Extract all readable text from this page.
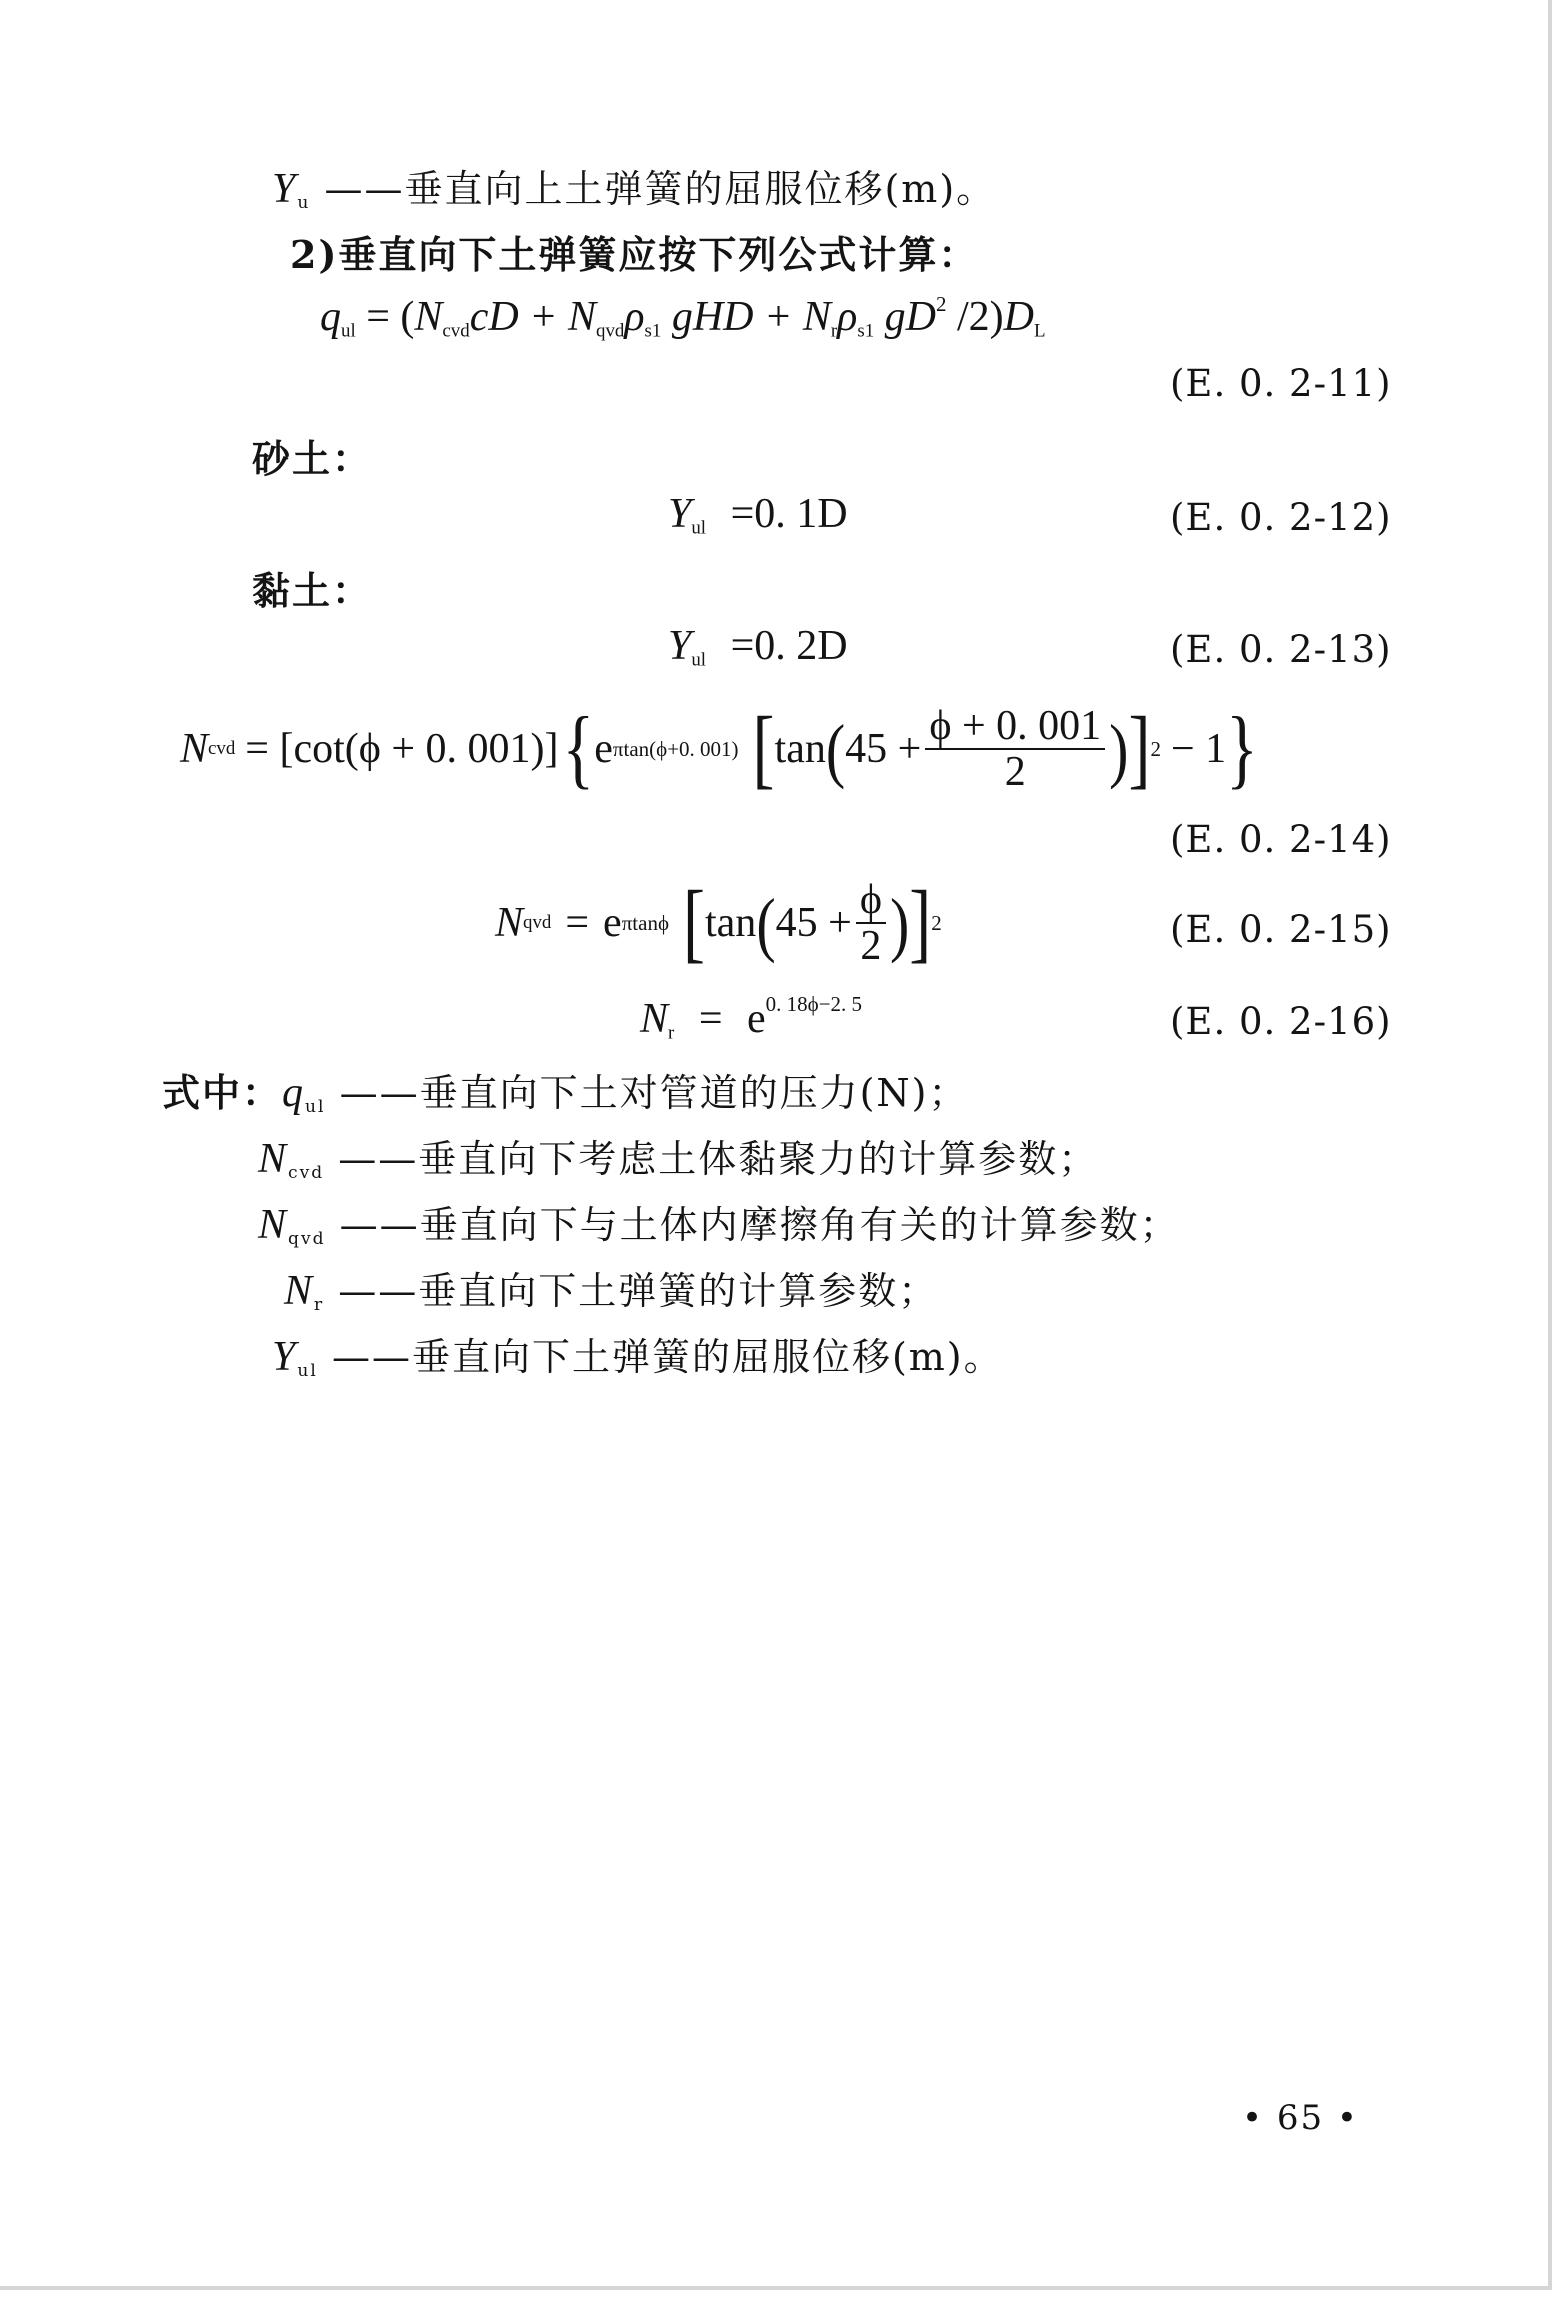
$Y_u$ ——垂直向上土弹簧的屈服位移(m)。
2)垂直向下土弹簧应按下列公式计算：
$q_{ul} = (N_{cvd}cD + N_{qvd}\rho_{s1}$ gHD + $N_r\rho_{s1}$ $gD^2$ $/2)D_L$
(E. 0. 2-11)
砂土：
$Y_{ul} =0$. 1D	(E. 0. 2-12)
黏土：
$Y_{ul} =0$. 2D	(E. 0. 2-13)
N cvd = [cot(ϕ + 0. 001)] { e πtan(ϕ+0. 001) [ tan ( $45 + \frac{\phi + 0. 001}{2}$ ) ] 2 − 1 }
(E. 0. 2-14)
N qvd = e πtanϕ [ tan ( $45 + \frac{\phi}{2}$ ) ] 2	(E. 0. 2-15)
$N_r = e^{0. 18\phi-2. 5}$	(E. 0. 2-16)
式中： $q_{ul}$ ——垂直向下土对管道的压力(N)；
$N_{cvd}$ ——垂直向下考虑土体黏聚力的计算参数；
$N_{qvd}$ ——垂直向下与土体内摩擦角有关的计算参数；
$N_r$ ——垂直向下土弹簧的计算参数；
$Y_{ul}$ ——垂直向下土弹簧的屈服位移(m)。
• 65 •
